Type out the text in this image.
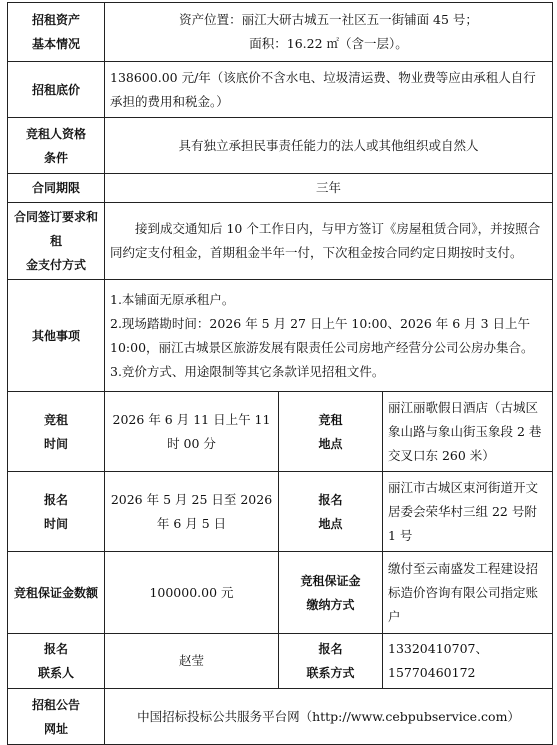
招租资产
基本情况	资产位置：丽江大研古城五一社区五一街铺面 45 号；
面积：16.22 ㎡（含一层）。		

招租底价	138600.00 元/年（该底价不含水电、垃圾清运费、物业费等应由承租人自行承担的费用和税金。）		

竞租人资格
条件	具有独立承担民事责任能力的法人或其他组织或自然人		
合同期限	三年		

合同签订要求和租
金支付方式	接到成交通知后 10 个工作日内，与甲方签订《房屋租赁合同》，并按照合同约定支付租金，首期租金半年一付，下次租金按合同约定日期按时支付。		
其他事项	1.本铺面无原承租户。
2.现场踏勘时间：2026 年 5 月 27 日上午 10:00、2026 年 6 月 3 日上午 10:00，丽江古城景区旅游发展有限责任公司房地产经营分公司公房办集合。
3.竞价方式、用途限制等其它条款详见招租文件。		

竞租
时间	2026 年 6 月 11 日上午 11 时 00 分	竞租
地点	丽江丽歌假日酒店（古城区象山路与象山街玉象段 2 巷交叉口东 260 米）

报名
时间	2026 年 5 月 25 日至 2026 年 6 月 5 日	报名
地点	丽江市古城区束河街道开文居委会荣华村三组 22 号附 1 号
竞租保证金数额	100000.00 元	竞租保证金
缴纳方式	缴付至云南盛发工程建设招标造价咨询有限公司指定账户

报名
联系人	赵莹	报名
联系方式	13320410707、15770460172

招租公告
网址	中国招标投标公共服务平台网（http://www.cebpubservice.com）		
